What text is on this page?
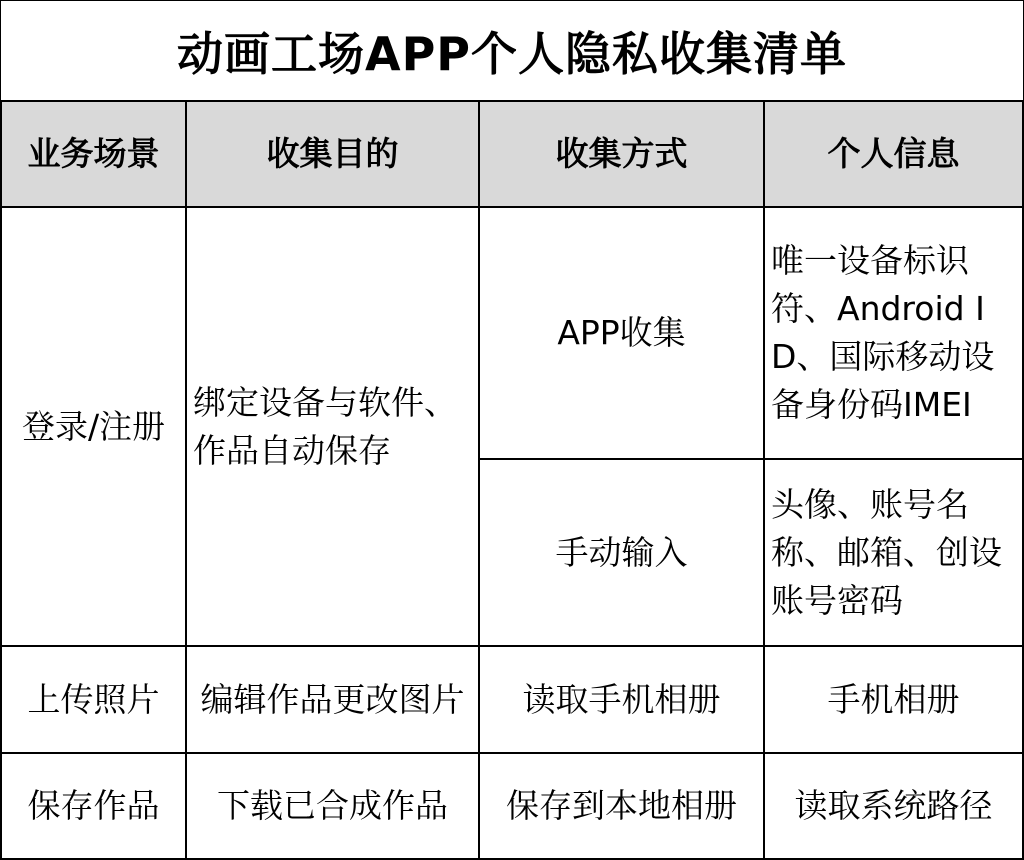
动画工场APP个人隐私收集清单
业务场景	收集目的	收集方式	个人信息
登录/注册	绑定设备与软件、作品自动保存	APP收集	唯一设备标识符、Android ID、国际移动设备身份码IMEI
		手动输入	头像、账号名称、邮箱、创设账号密码
上传照片	编辑作品更改图片	读取手机相册	手机相册
保存作品	下载已合成作品	保存到本地相册	读取系统路径
